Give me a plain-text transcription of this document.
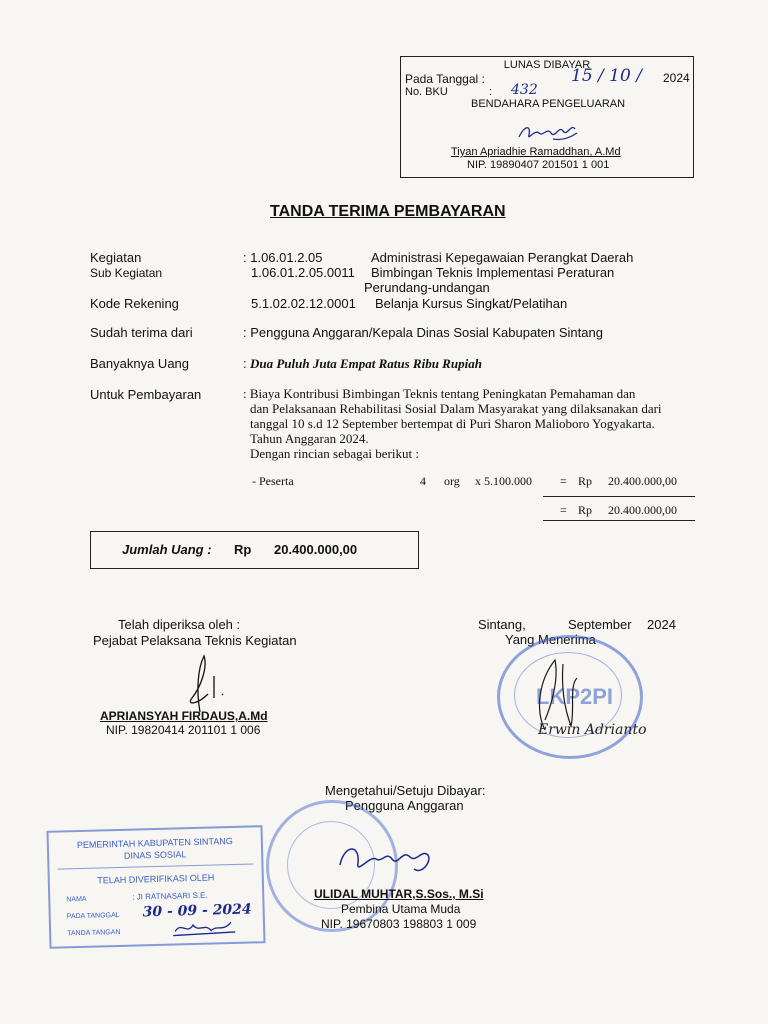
LUNAS DIBAYAR
Pada Tanggal :	15 / 10 / 2024
No. BKU	: 432
BENDAHARA PENGELUARAN
Tiyan Apriadhie Ramaddhan, A.Md
NIP. 19890407 201501 1 001
TANDA TERIMA PEMBAYARAN
Kegiatan	: 1.06.01.2.05	Administrasi Kepegawaian Perangkat Daerah
Sub Kegiatan	1.06.01.2.05.0011 Bimbingan Teknis Implementasi Peraturan
Perundang-undangan
Kode Rekening	5.1.02.02.12.0001 Belanja Kursus Singkat/Pelatihan
Sudah terima dari	: Pengguna Anggaran/Kepala Dinas Sosial Kabupaten Sintang
Banyaknya Uang	: Dua Puluh Juta Empat Ratus Ribu Rupiah
Untuk Pembayaran	: Biaya Kontribusi Bimbingan Teknis tentang Peningkatan Pemahaman dan
dan Pelaksanaan Rehabilitasi Sosial Dalam Masyarakat yang dilaksanakan dari
tanggal 10 s.d 12 September bertempat di Puri Sharon Malioboro Yogyakarta.
Tahun Anggaran 2024.
Dengan rincian sebagai berikut :
- Peserta	4 org x 5.100.000 = Rp 20.400.000,00
= Rp 20.400.000,00
Jumlah Uang : Rp 20.400.000,00
Telah diperiksa oleh :
Pejabat Pelaksana Teknis Kegiatan
APRIANSYAH FIRDAUS,A.Md
NIP. 19820414 201101 1 006
Sintang,	September 2024
Yang Menerima
LKP2PI
Erwin Adrianto
Mengetahui/Setuju Dibayar:
Pengguna Anggaran
ULIDAL MUHTAR,S.Sos., M.Si
Pembina Utama Muda
NIP. 19670803 198803 1 009
PEMERINTAH KABUPATEN SINTANG
DINAS SOSIAL
TELAH DIVERIFIKASI OLEH
NAMA	: JI RATNASARI S.E.
PADA TANGGAL 30 - 09 - 2024
TANDA TANGAN
